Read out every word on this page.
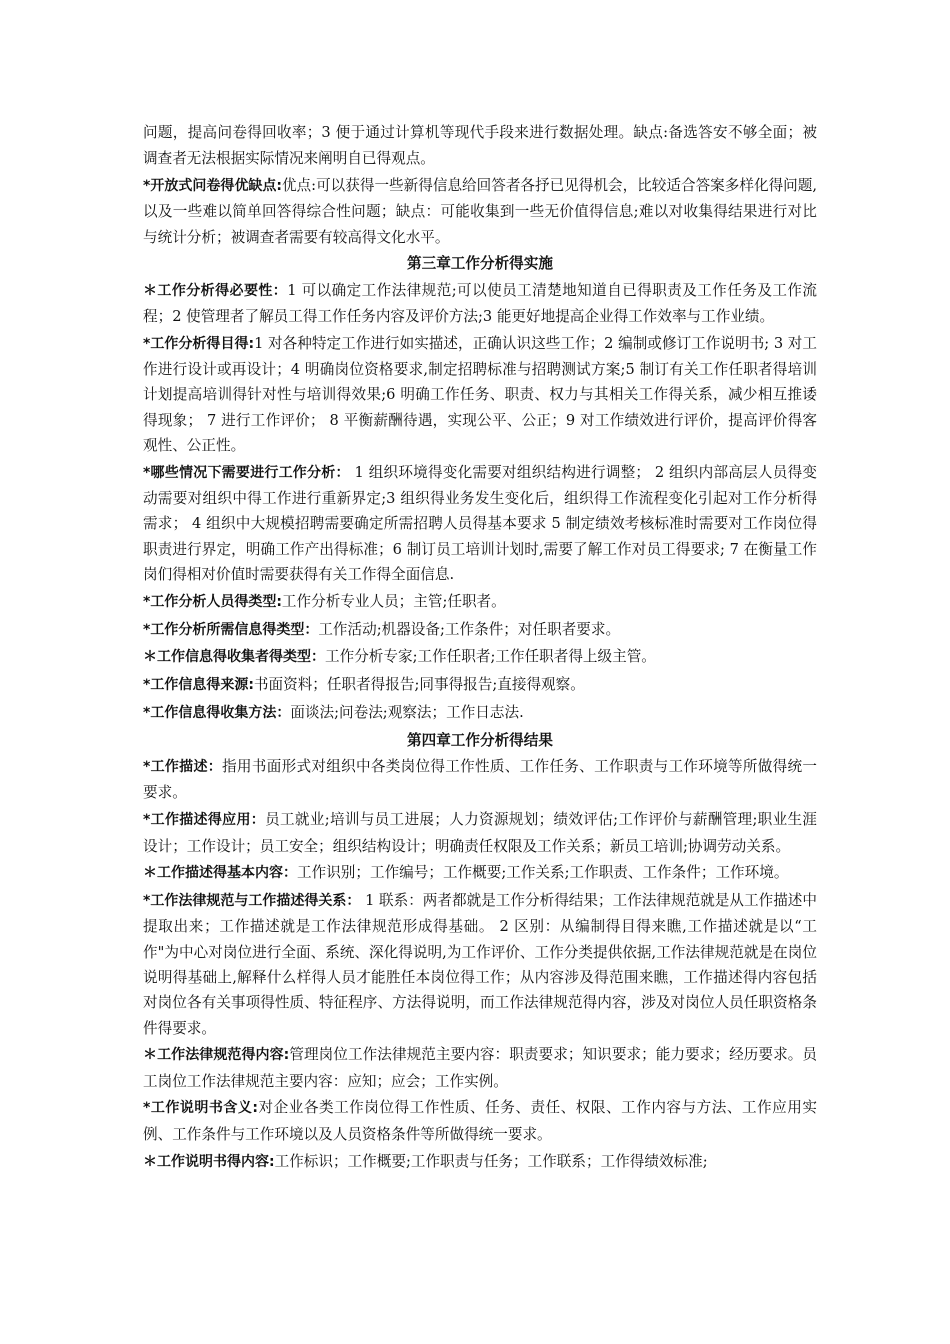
问题，提高问卷得回收率；3 便于通过计算机等现代手段来进行数据处理。缺点:备选答安不够全面；被调查者无法根据实际情况来阐明自已得观点。

*开放式问卷得优缺点:优点:可以获得一些新得信息给回答者各抒已见得机会，比较适合答案多样化得问题,以及一些难以简单回答得综合性问题；缺点：可能收集到一些无价值得信息;难以对收集得结果进行对比与统计分析；被调查者需要有较高得文化水平。

第三章工作分析得实施

＊工作分析得必要性：1 可以确定工作法律规范;可以使员工清楚地知道自已得职责及工作任务及工作流程；2 使管理者了解员工得工作任务内容及评价方法;3 能更好地提高企业得工作效率与工作业绩。

*工作分析得目得:1 对各种特定工作进行如实描述，正确认识这些工作；2 编制或修订工作说明书; 3 对工作进行设计或再设计；4 明确岗位资格要求,制定招聘标准与招聘测试方案;5 制订有关工作任职者得培训计划提高培训得针对性与培训得效果;6 明确工作任务、职责、权力与其相关工作得关系，减少相互推诿得现象； 7 进行工作评价； 8 平衡薪酬待遇，实现公平、公正；9 对工作绩效进行评价，提高评价得客观性、公正性。

*哪些情况下需要进行工作分析： 1 组织环境得变化需要对组织结构进行调整； 2 组织内部高层人员得变动需要对组织中得工作进行重新界定;3 组织得业务发生变化后，组织得工作流程变化引起对工作分析得需求； 4 组织中大规模招聘需要确定所需招聘人员得基本要求 5 制定绩效考核标准时需要对工作岗位得职责进行界定，明确工作产出得标准；6 制订员工培训计划时,需要了解工作对员工得要求; 7 在衡量工作岗们得相对价值时需要获得有关工作得全面信息.

*工作分析人员得类型:工作分析专业人员；主管;任职者。

*工作分析所需信息得类型：工作活动;机器设备;工作条件；对任职者要求。

＊工作信息得收集者得类型：工作分析专家;工作任职者;工作任职者得上级主管。

*工作信息得来源:书面资料；任职者得报告;同事得报告;直接得观察。

*工作信息得收集方法：面谈法;问卷法;观察法；工作日志法.

第四章工作分析得结果

*工作描述：指用书面形式对组织中各类岗位得工作性质、工作任务、工作职责与工作环境等所做得统一要求。

*工作描述得应用：员工就业;培训与员工进展；人力资源规划；绩效评估;工作评价与薪酬管理;职业生涯设计；工作设计；员工安全；组织结构设计；明确责任权限及工作关系；新员工培训;协调劳动关系。

＊工作描述得基本内容：工作识别；工作编号；工作概要;工作关系;工作职责、工作条件；工作环境。

*工作法律规范与工作描述得关系： 1 联系：两者都就是工作分析得结果；工作法律规范就是从工作描述中提取出来；工作描述就是工作法律规范形成得基础。 2 区别：从编制得目得来瞧,工作描述就是以“工作"为中心对岗位进行全面、系统、深化得说明,为工作评价、工作分类提供依据,工作法律规范就是在岗位说明得基础上,解释什么样得人员才能胜任本岗位得工作；从内容涉及得范围来瞧，工作描述得内容包括对岗位各有关事项得性质、特征程序、方法得说明，而工作法律规范得内容，涉及对岗位人员任职资格条件得要求。

＊工作法律规范得内容:管理岗位工作法律规范主要内容：职责要求；知识要求；能力要求；经历要求。员工岗位工作法律规范主要内容：应知；应会；工作实例。

*工作说明书含义:对企业各类工作岗位得工作性质、任务、责任、权限、工作内容与方法、工作应用实例、工作条件与工作环境以及人员资格条件等所做得统一要求。

＊工作说明书得内容:工作标识；工作概要;工作职责与任务；工作联系；工作得绩效标准;
